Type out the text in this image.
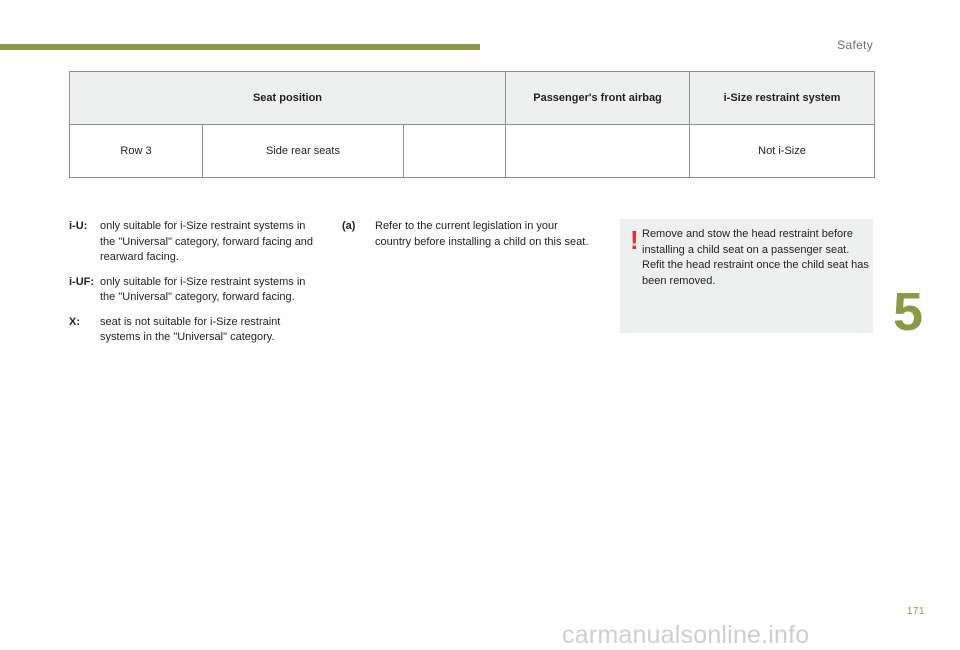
Safety
5
Seat position			Passenger's front airbag	i-Size restraint system
Row 3	Side rear seats			Not i-Size
i-U:	only suitable for i-Size restraint systems in the "Universal" category, forward facing and rearward facing.
i-UF: only suitable for i-Size restraint systems in the "Universal" category, forward facing.
X:	seat is not suitable for i-Size restraint systems in the "Universal" category.
(a)	Refer to the current legislation in your country before installing a child on this seat. ! Remove and stow the head restraint before installing a child seat on a passenger seat.

Refit the head restraint once the child seat has been removed.

171
carmanualsonline.info
